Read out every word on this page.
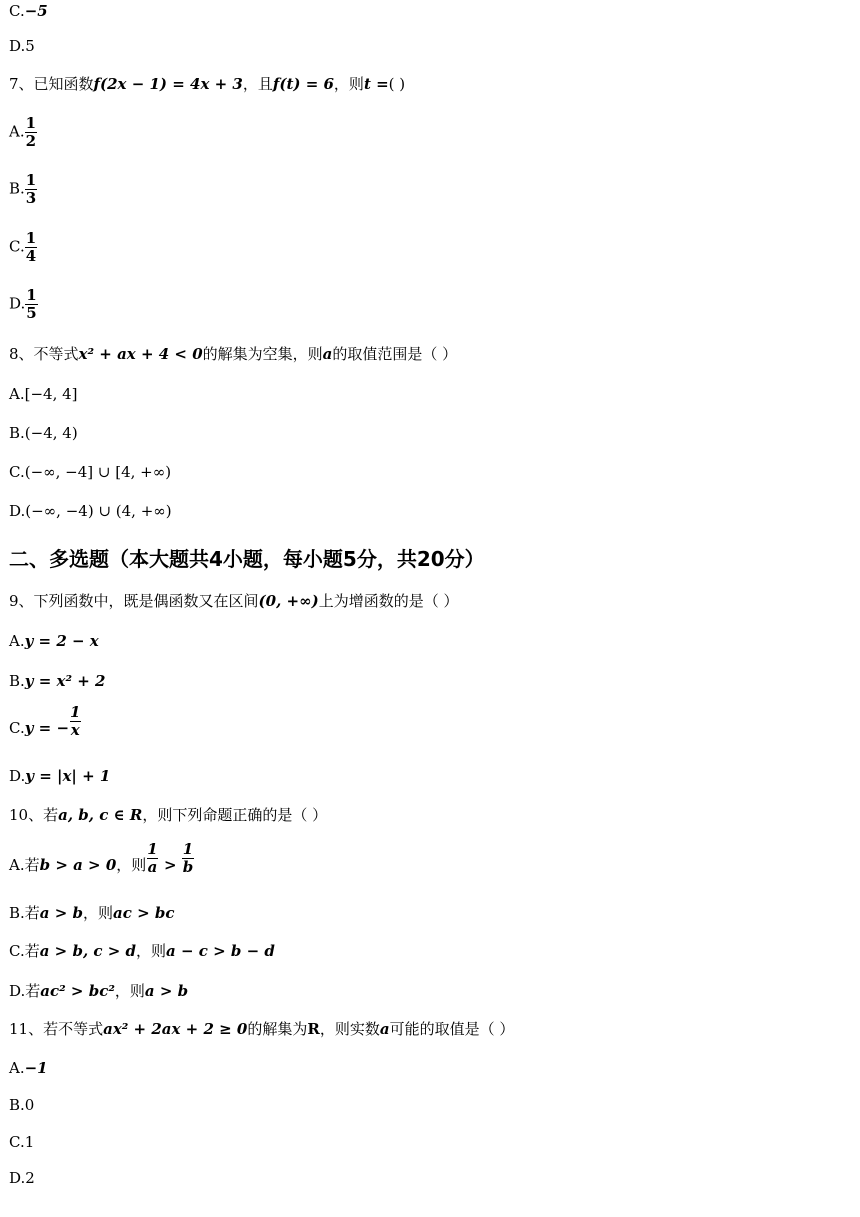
C.−5
D.5
7、已知函数f(2x − 1) = 4x + 3，且f(t) = 6，则t =( )
A. $\frac{1}{2}$
B. $\frac{1}{3}$
C. $\frac{1}{4}$
D. $\frac{1}{5}$
8、不等式x² + ax + 4 < 0的解集为空集，则a的取值范围是（ ）
A.[−4, 4]
B.(−4, 4)
C.(−∞, −4] ∪ [4, +∞)
D.(−∞, −4) ∪ (4, +∞)
二、多选题（本大题共4小题，每小题5分，共20分）
9、下列函数中，既是偶函数又在区间(0, +∞)上为增函数的是（ ）
A.y = 2 − x
B.y = x² + 2
C.y = − $\frac{1}{x}$
D.y = |x| + 1
10、若a, b, c ∈ R，则下列命题正确的是（ ）
A.若b > a > 0，则 $\frac{1}{a} > \frac{1}{b}$
B.若a > b，则ac > bc
C.若a > b, c > d，则a − c > b − d
D.若ac² > bc²，则a > b
11、若不等式ax² + 2ax + 2 ≥ 0的解集为R，则实数a可能的取值是（ ）
A.−1
B.0
C.1
D.2
